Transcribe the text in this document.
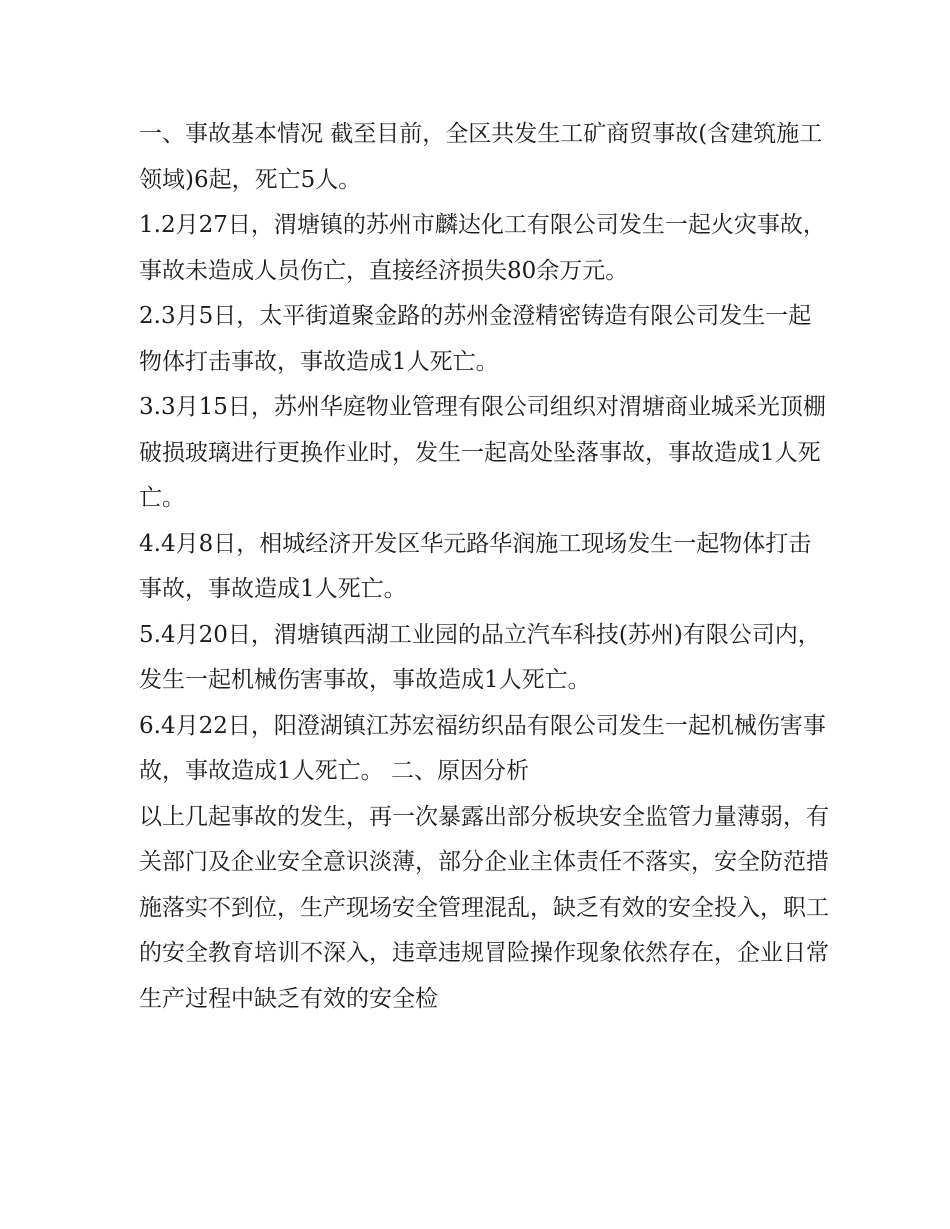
一、事故基本情况 截至目前，全区共发生工矿商贸事故(含建筑施工领域)6起，死亡5人。

1.2月27日，渭塘镇的苏州市麟达化工有限公司发生一起火灾事故，事故未造成人员伤亡，直接经济损失80余万元。

2.3月5日，太平街道聚金路的苏州金澄精密铸造有限公司发生一起物体打击事故，事故造成1人死亡。

3.3月15日，苏州华庭物业管理有限公司组织对渭塘商业城采光顶棚破损玻璃进行更换作业时，发生一起高处坠落事故，事故造成1人死亡。

4.4月8日，相城经济开发区华元路华润施工现场发生一起物体打击事故，事故造成1人死亡。

5.4月20日，渭塘镇西湖工业园的品立汽车科技(苏州)有限公司内，发生一起机械伤害事故，事故造成1人死亡。

6.4月22日，阳澄湖镇江苏宏福纺织品有限公司发生一起机械伤害事故，事故造成1人死亡。 二、原因分析

以上几起事故的发生，再一次暴露出部分板块安全监管力量薄弱，有关部门及企业安全意识淡薄，部分企业主体责任不落实，安全防范措施落实不到位，生产现场安全管理混乱，缺乏有效的安全投入，职工的安全教育培训不深入，违章违规冒险操作现象依然存在，企业日常生产过程中缺乏有效的安全检
